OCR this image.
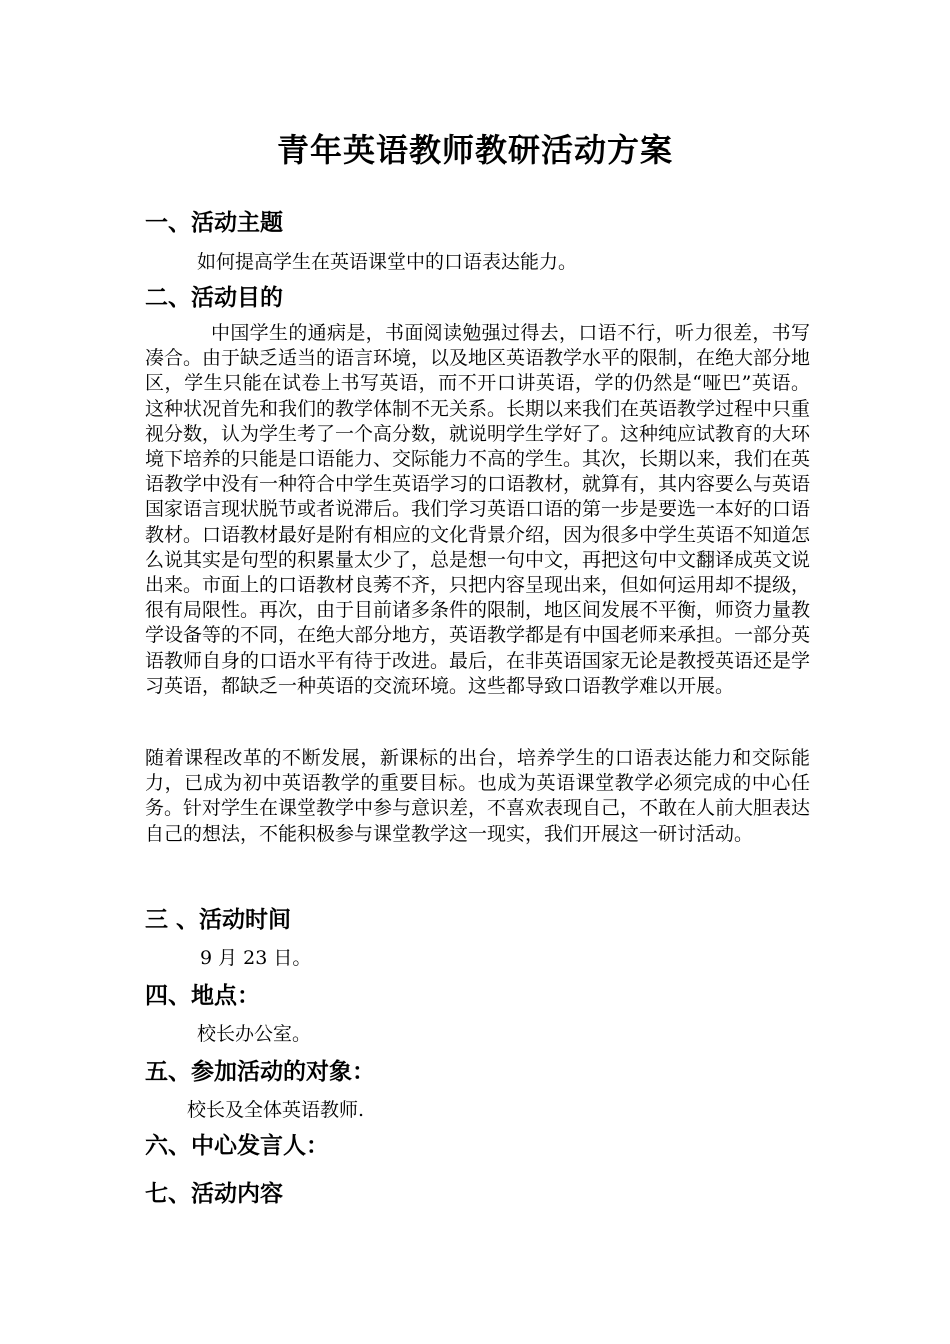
青年英语教师教研活动方案
一、活动主题

如何提高学生在英语课堂中的口语表达能力。

二、活动目的

中国学生的通病是，书面阅读勉强过得去，口语不行，听力很差，书写凑合。由于缺乏适当的语言环境，以及地区英语教学水平的限制，在绝大部分地区，学生只能在试卷上书写英语，而不开口讲英语，学的仍然是“哑巴”英语。这种状况首先和我们的教学体制不无关系。长期以来我们在英语教学过程中只重视分数，认为学生考了一个高分数，就说明学生学好了。这种纯应试教育的大环境下培养的只能是口语能力、交际能力不高的学生。其次，长期以来，我们在英语教学中没有一种符合中学生英语学习的口语教材，就算有，其内容要么与英语国家语言现状脱节或者说滞后。我们学习英语口语的第一步是要选一本好的口语教材。口语教材最好是附有相应的文化背景介绍，因为很多中学生英语不知道怎么说其实是句型的积累量太少了，总是想一句中文，再把这句中文翻译成英文说出来。市面上的口语教材良莠不齐，只把内容呈现出来，但如何运用却不提级，很有局限性。再次，由于目前诸多条件的限制，地区间发展不平衡，师资力量教学设备等的不同，在绝大部分地方，英语教学都是有中国老师来承担。一部分英语教师自身的口语水平有待于改进。最后，在非英语国家无论是教授英语还是学习英语，都缺乏一种英语的交流环境。这些都导致口语教学难以开展。

随着课程改革的不断发展，新课标的出台，培养学生的口语表达能力和交际能力，已成为初中英语教学的重要目标。也成为英语课堂教学必须完成的中心任务。针对学生在课堂教学中参与意识差，不喜欢表现自己，不敢在人前大胆表达自己的想法，不能积极参与课堂教学这一现实，我们开展这一研讨活动。

三 、活动时间

9 月 23 日。

四、地点：

校长办公室。

五、参加活动的对象：

校长及全体英语教师.

六、中心发言人：
七、活动内容
